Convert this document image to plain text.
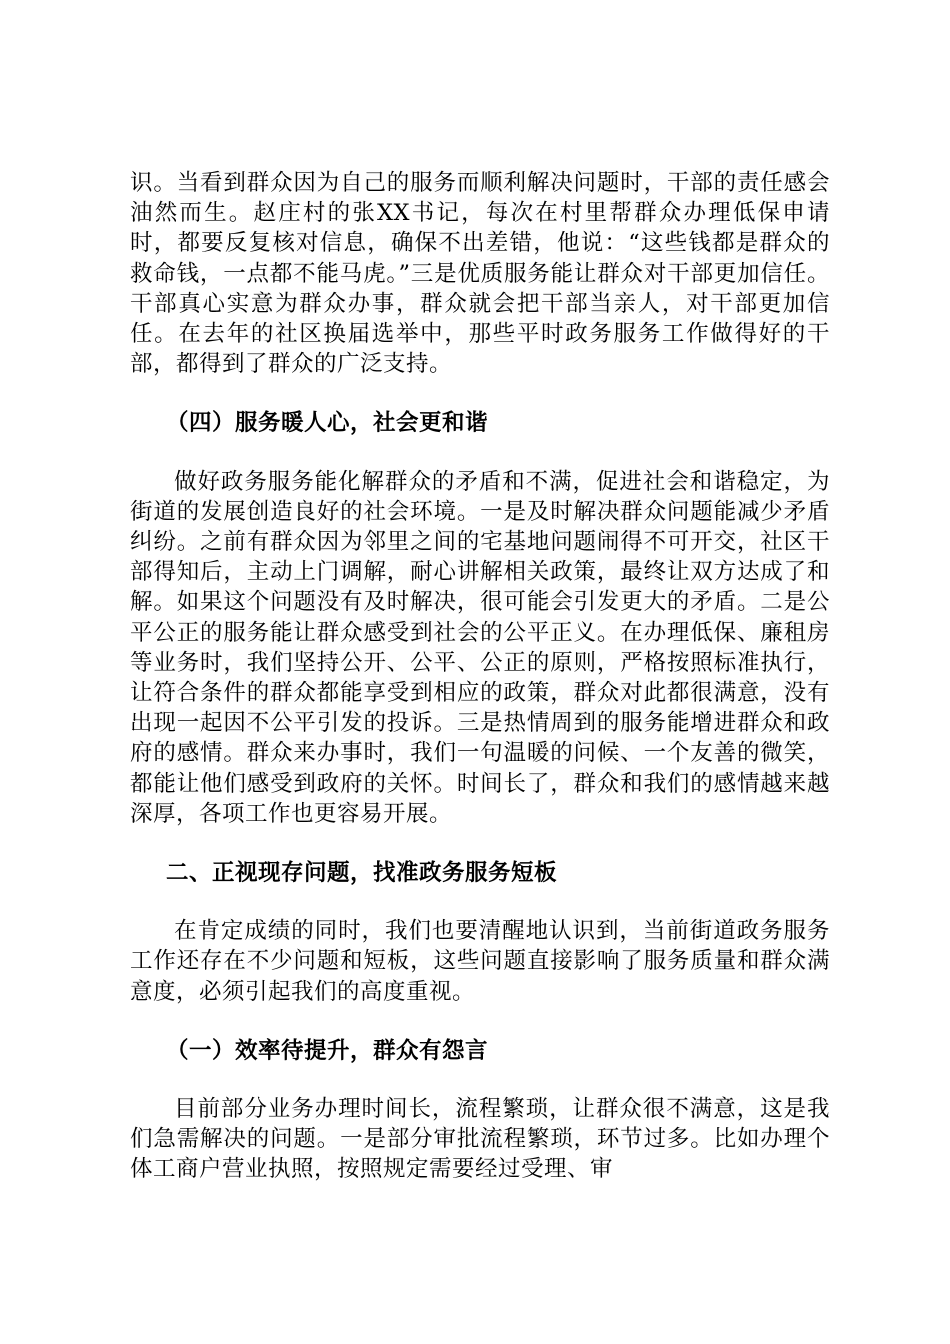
识。当看到群众因为自己的服务而顺利解决问题时，干部的责任感会油然而生。赵庄村的张XX书记，每次在村里帮群众办理低保申请时，都要反复核对信息，确保不出差错，他说：“这些钱都是群众的救命钱，一点都不能马虎。”三是优质服务能让群众对干部更加信任。干部真心实意为群众办事，群众就会把干部当亲人，对干部更加信任。在去年的社区换届选举中，那些平时政务服务工作做得好的干部，都得到了群众的广泛支持。

（四）服务暖人心，社会更和谐

做好政务服务能化解群众的矛盾和不满，促进社会和谐稳定，为街道的发展创造良好的社会环境。一是及时解决群众问题能减少矛盾纠纷。之前有群众因为邻里之间的宅基地问题闹得不可开交，社区干部得知后，主动上门调解，耐心讲解相关政策，最终让双方达成了和解。如果这个问题没有及时解决，很可能会引发更大的矛盾。二是公平公正的服务能让群众感受到社会的公平正义。在办理低保、廉租房等业务时，我们坚持公开、公平、公正的原则，严格按照标准执行，让符合条件的群众都能享受到相应的政策，群众对此都很满意，没有出现一起因不公平引发的投诉。三是热情周到的服务能增进群众和政府的感情。群众来办事时，我们一句温暖的问候、一个友善的微笑，都能让他们感受到政府的关怀。时间长了，群众和我们的感情越来越深厚，各项工作也更容易开展。

二、正视现存问题，找准政务服务短板

在肯定成绩的同时，我们也要清醒地认识到，当前街道政务服务工作还存在不少问题和短板，这些问题直接影响了服务质量和群众满意度，必须引起我们的高度重视。

（一）效率待提升，群众有怨言

目前部分业务办理时间长，流程繁琐，让群众很不满意，这是我们急需解决的问题。一是部分审批流程繁琐，环节过多。比如办理个体工商户营业执照，按照规定需要经过受理、审
